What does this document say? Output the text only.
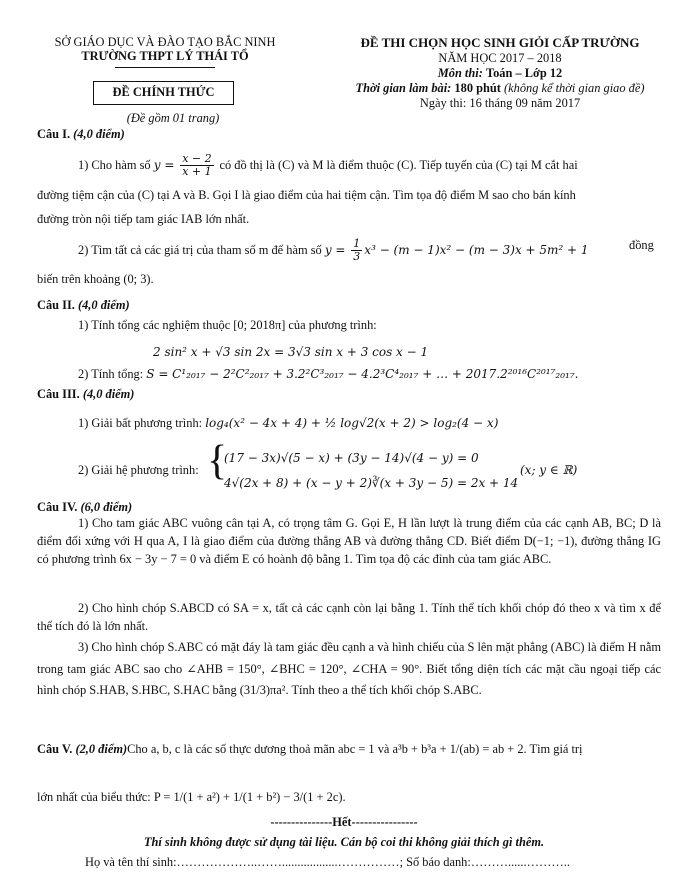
SỞ GIÁO DỤC VÀ ĐÀO TẠO BẮC NINH
TRƯỜNG THPT LÝ THÁI TỔ
ĐỀ CHÍNH THỨC
(Đề gồm 01 trang)
ĐỀ THI CHỌN HỌC SINH GIỎI CẤP TRƯỜNG
NĂM HỌC 2017 – 2018
Môn thi: Toán – Lớp 12
Thời gian làm bài: 180 phút (không kể thời gian giao đề)
Ngày thi: 16 tháng 09 năm 2017
Câu I. (4,0 điểm)
1) Cho hàm số $y = \frac{x - 2}{x + 1}$ có đồ thị là (C) và M là điểm thuộc (C). Tiếp tuyến của (C) tại M cắt hai
đường tiệm cận của (C) tại A và B. Gọi I là giao điểm của hai tiệm cận. Tìm tọa độ điểm M sao cho bán kính
đường tròn nội tiếp tam giác IAB lớn nhất.
2) Tìm tất cả các giá trị của tham số m để hàm số $y = \frac{1}{3} x^3 - (m - 1)x^2 - (m - 3)x + 5m^2 + 1$	đồng
biến trên khoảng (0; 3).
Câu II. (4,0 điểm)
1) Tính tổng các nghiệm thuộc [0; 2018π] của phương trình:
2 sin² x + √3 sin 2x = 3√3 sin x + 3 cos x − 1
2) Tính tổng: S = C¹₂₀₁₇ − 2²C²₂₀₁₇ + 3.2²C³₂₀₁₇ − 4.2³C⁴₂₀₁₇ + … + 2017.2²⁰¹⁶C²⁰¹⁷₂₀₁₇.
Câu III. (4,0 điểm)
1) Giải bất phương trình: log₄(x² − 4x + 4) + ½ log√2(x + 2) > log₂(4 − x)
2) Giải hệ phương trình: {
(17 − 3x)√(5 − x) + (3y − 14)√(4 − y) = 0
4√(2x + 8) + (x − y + 2)∛(x + 3y − 5) = 2x + 14
(x; y ∈ ℝ)
Câu IV. (6,0 điểm)
1) Cho tam giác ABC vuông cân tại A, có trọng tâm G. Gọi E, H lần lượt là trung điểm của các cạnh AB, BC; D là điểm đối xứng với H qua A, I là giao điểm của đường thẳng AB và đường thẳng CD. Biết điểm D(−1; −1), đường thẳng IG có phương trình 6x − 3y − 7 = 0 và điểm E có hoành độ bằng 1. Tìm tọa độ các đỉnh của tam giác ABC.
2) Cho hình chóp S.ABCD có SA = x, tất cả các cạnh còn lại bằng 1. Tính thể tích khối chóp đó theo x và tìm x để thể tích đó là lớn nhất.
3) Cho hình chóp S.ABC có mặt đáy là tam giác đều cạnh a và hình chiếu của S lên mặt phẳng (ABC) là điểm H nằm trong tam giác ABC sao cho ∠AHB = 150°, ∠BHC = 120°, ∠CHA = 90°. Biết tổng diện tích các mặt cầu ngoại tiếp các hình chóp S.HAB, S.HBC, S.HAC bằng (31/3)πa². Tính theo a thể tích khối chóp S.ABC.
Câu V. (2,0 điểm)Cho a, b, c là các số thực dương thoả mãn abc = 1 và a³b + b³a + 1/(ab) = ab + 2. Tìm giá trị
lớn nhất của biểu thức: P = 1/(1 + a²) + 1/(1 + b²) − 3/(1 + 2c).
---------------Hết----------------
Thí sinh không được sử dụng tài liệu. Cán bộ coi thi không giải thích gì thêm.
Họ và tên thí sinh:………………..……..................……………; Số báo danh:………......………..
